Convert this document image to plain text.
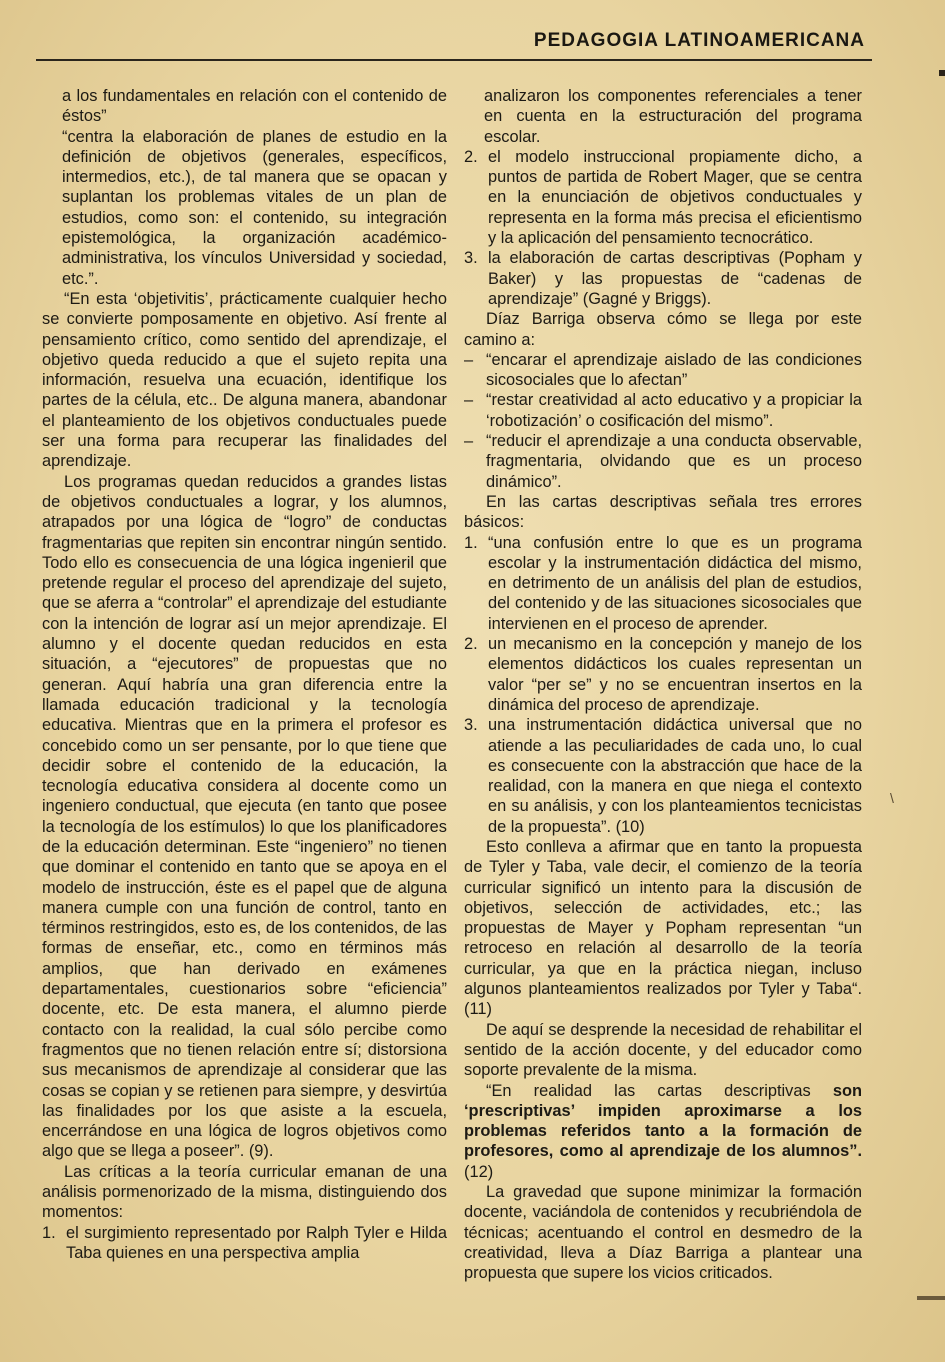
PEDAGOGIA LATINOAMERICANA

a los fundamentales en relación con el contenido de éstos”

“centra la elaboración de planes de estudio en la definición de objetivos (generales, específicos, intermedios, etc.), de tal manera que se opacan y suplantan los problemas vitales de un plan de estudios, como son: el contenido, su integración epistemológica, la organización académico-administrativa, los vínculos Universidad y sociedad, etc.”.

“En esta ‘objetivitis’, prácticamente cualquier hecho se convierte pomposamente en objetivo. Así frente al pensamiento crítico, como sentido del aprendizaje, el objetivo queda reducido a que el sujeto repita una información, resuelva una ecuación, identifique los partes de la célula, etc.. De alguna manera, abandonar el planteamiento de los objetivos conductuales puede ser una forma para recuperar las finalidades del aprendizaje.

Los programas quedan reducidos a grandes listas de objetivos conductuales a lograr, y los alumnos, atrapados por una lógica de “logro” de conductas fragmentarias que repiten sin encontrar ningún sentido. Todo ello es consecuencia de una lógica ingenieril que pretende regular el proceso del aprendizaje del sujeto, que se aferra a “controlar” el aprendizaje del estudiante con la intención de lograr así un mejor aprendizaje. El alumno y el docente quedan reducidos en esta situación, a “ejecutores” de propuestas que no generan. Aquí habría una gran diferencia entre la llamada educación tradicional y la tecnología educativa. Mientras que en la primera el profesor es concebido como un ser pensante, por lo que tiene que decidir sobre el contenido de la educación, la tecnología educativa considera al docente como un ingeniero conductual, que ejecuta (en tanto que posee la tecnología de los estímulos) lo que los planificadores de la educación determinan. Este “ingeniero” no tienen que dominar el contenido en tanto que se apoya en el modelo de instrucción, éste es el papel que de alguna manera cumple con una función de control, tanto en términos restringidos, esto es, de los contenidos, de las formas de enseñar, etc., como en términos más amplios, que han derivado en exámenes departamentales, cuestionarios sobre “eficiencia” docente, etc. De esta manera, el alumno pierde contacto con la realidad, la cual sólo percibe como fragmentos que no tienen relación entre sí; distorsiona sus mecanismos de aprendizaje al considerar que las cosas se copian y se retienen para siempre, y desvirtúa las finalidades por los que asiste a la escuela, encerrándose en una lógica de logros objetivos como algo que se llega a poseer”. (9).

Las críticas a la teoría curricular emanan de una análisis pormenorizado de la misma, distinguiendo dos momentos:

1. el surgimiento representado por Ralph Tyler e Hilda Taba quienes en una perspectiva amplia

analizaron los componentes referenciales a tener en cuenta en la estructuración del programa escolar.

2. el modelo instruccional propiamente dicho, a puntos de partida de Robert Mager, que se centra en la enunciación de objetivos conductuales y representa en la forma más precisa el eficientismo y la aplicación del pensamiento tecnocrático.

3. la elaboración de cartas descriptivas (Popham y Baker) y las propuestas de “cadenas de aprendizaje” (Gagné y Briggs).

Díaz Barriga observa cómo se llega por este camino a:

– “encarar el aprendizaje aislado de las condiciones sicosociales que lo afectan”

– “restar creatividad al acto educativo y a propiciar la ‘robotización’ o cosificación del mismo”.

– “reducir el aprendizaje a una conducta observable, fragmentaria, olvidando que es un proceso dinámico”.

En las cartas descriptivas señala tres errores básicos:

1. “una confusión entre lo que es un programa escolar y la instrumentación didáctica del mismo, en detrimento de un análisis del plan de estudios, del contenido y de las situaciones sicosociales que intervienen en el proceso de aprender.

2. un mecanismo en la concepción y manejo de los elementos didácticos los cuales representan un valor “per se” y no se encuentran insertos en la dinámica del proceso de aprendizaje.

3. una instrumentación didáctica universal que no atiende a las peculiaridades de cada uno, lo cual es consecuente con la abstracción que hace de la realidad, con la manera en que niega el contexto en su análisis, y con los planteamientos tecnicistas de la propuesta”. (10)

Esto conlleva a afirmar que en tanto la propuesta de Tyler y Taba, vale decir, el comienzo de la teoría curricular significó un intento para la discusión de objetivos, selección de actividades, etc.; las propuestas de Mayer y Popham representan “un retroceso en relación al desarrollo de la teoría curricular, ya que en la práctica niegan, incluso algunos planteamientos realizados por Tyler y Taba“. (11)

De aquí se desprende la necesidad de rehabilitar el sentido de la acción docente, y del educador como soporte prevalente de la misma.

“En realidad las cartas descriptivas son ‘prescriptivas’ impiden aproximarse a los problemas referidos tanto a la formación de profesores, como al aprendizaje de los alumnos”. (12)

La gravedad que supone minimizar la formación docente, vaciándola de contenidos y recubriéndola de técnicas; acentuando el control en desmedro de la creatividad, lleva a Díaz Barriga a plantear una propuesta que supere los vicios criticados.

\
